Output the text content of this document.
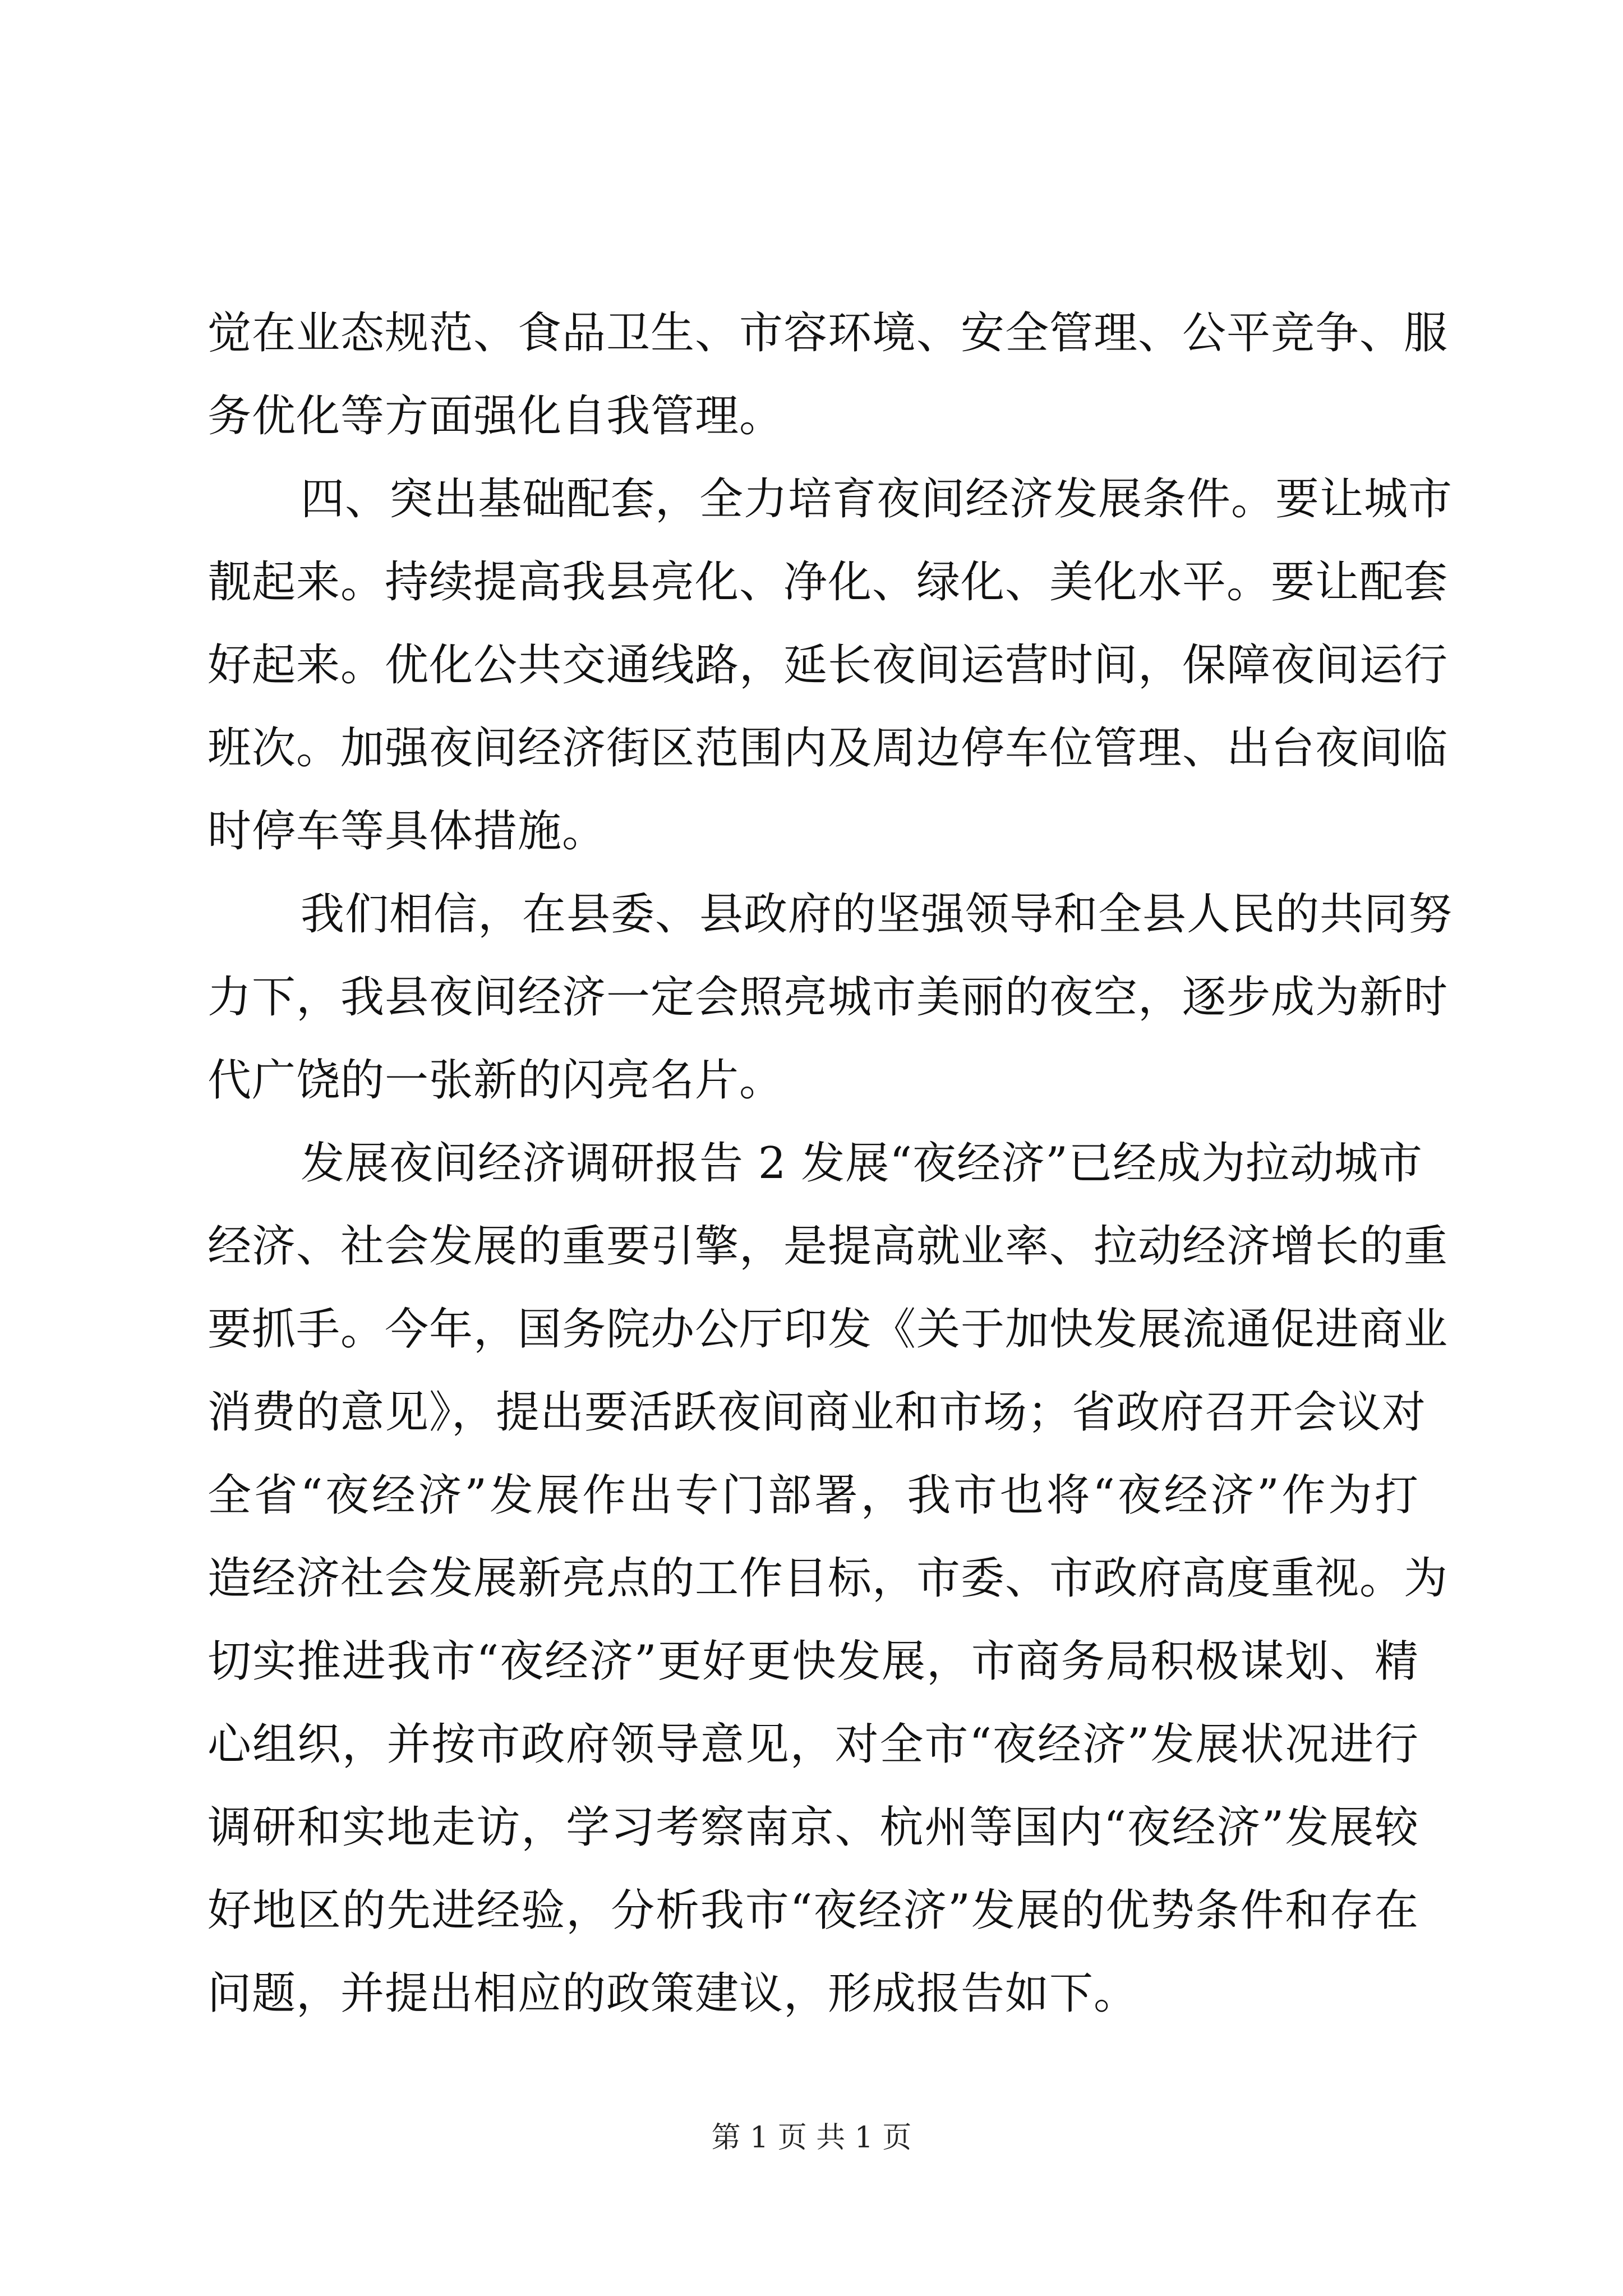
觉在业态规范、食品卫生、市容环境、安全管理、公平竞争、服
务优化等方面强化自我管理。
四、突出基础配套，全力培育夜间经济发展条件。要让城市
靓起来。持续提高我县亮化、净化、绿化、美化水平。要让配套
好起来。优化公共交通线路，延长夜间运营时间，保障夜间运行
班次。加强夜间经济街区范围内及周边停车位管理、出台夜间临
时停车等具体措施。
我们相信，在县委、县政府的坚强领导和全县人民的共同努
力下，我县夜间经济一定会照亮城市美丽的夜空，逐步成为新时
代广饶的一张新的闪亮名片。
发展夜间经济调研报告 2 发展“夜经济”已经成为拉动城市
经济、社会发展的重要引擎，是提高就业率、拉动经济增长的重
要抓手。今年，国务院办公厅印发《关于加快发展流通促进商业
消费的意见》，提出要活跃夜间商业和市场；省政府召开会议对
全省“夜经济”发展作出专门部署，我市也将“夜经济”作为打
造经济社会发展新亮点的工作目标，市委、市政府高度重视。为
切实推进我市“夜经济”更好更快发展，市商务局积极谋划、精
心组织，并按市政府领导意见，对全市“夜经济”发展状况进行
调研和实地走访，学习考察南京、杭州等国内“夜经济”发展较
好地区的先进经验，分析我市“夜经济”发展的优势条件和存在
问题，并提出相应的政策建议，形成报告如下。
第 1 页 共 1 页
